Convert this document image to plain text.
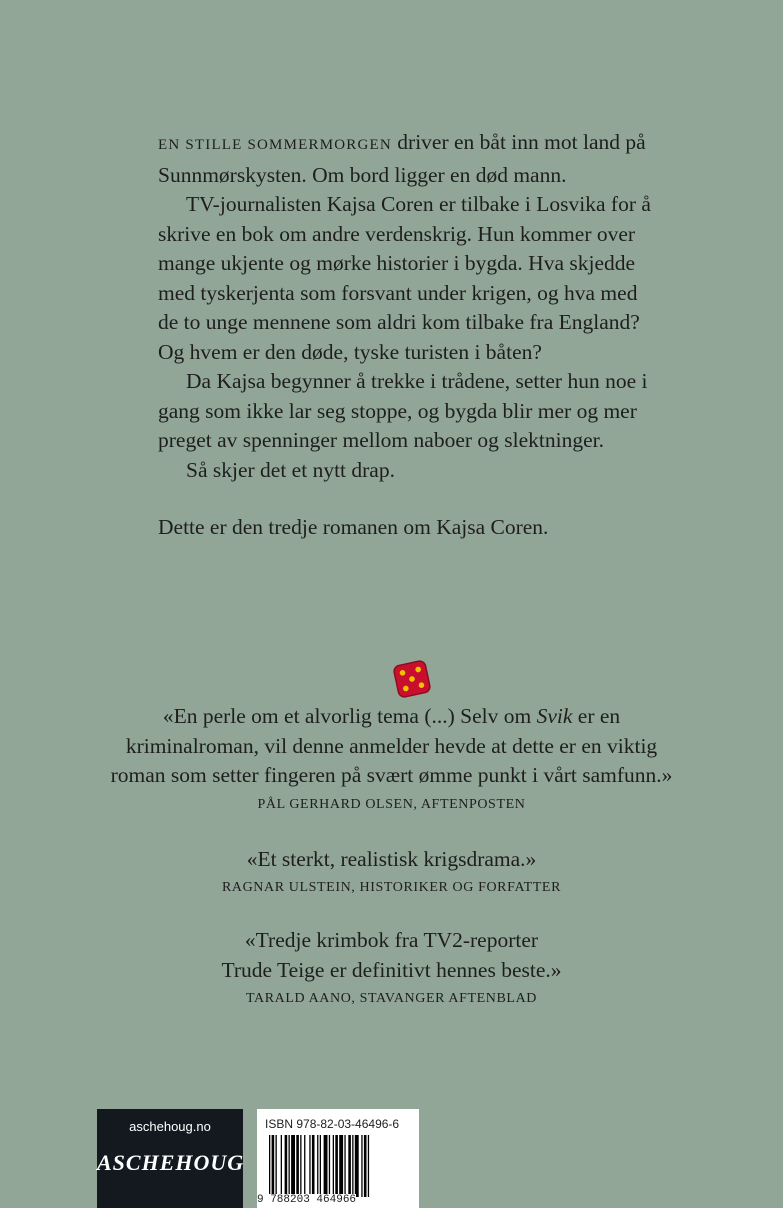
EN STILLE SOMMERMORGEN driver en båt inn mot land på Sunnmørskysten. Om bord ligger en død mann.

TV-journalisten Kajsa Coren er tilbake i Losvika for å skrive en bok om andre verdenskrig. Hun kommer over mange ukjente og mørke historier i bygda. Hva skjedde med tyskerjenta som forsvant under krigen, og hva med de to unge mennene som aldri kom tilbake fra England? Og hvem er den døde, tyske turisten i båten?

Da Kajsa begynner å trekke i trådene, setter hun noe i gang som ikke lar seg stoppe, og bygda blir mer og mer preget av spenninger mellom naboer og slektninger.

Så skjer det et nytt drap.

Dette er den tredje romanen om Kajsa Coren.

«En perle om et alvorlig tema (...) Selv om Svik er en
kriminalroman, vil denne anmelder hevde at dette er en viktig
roman som setter fingeren på svært ømme punkt i vårt samfunn.»

PÅL GERHARD OLSEN, AFTENPOSTEN

«Et sterkt, realistisk krigsdrama.»

RAGNAR ULSTEIN, HISTORIKER OG FORFATTER

«Tredje krimbok fra TV2-reporter
Trude Teige er definitivt hennes beste.»

TARALD AANO, STAVANGER AFTENBLAD
aschehoug.no
ASCHEHOUG
ISBN 978-82-03-46496-6
9 788203 464966
